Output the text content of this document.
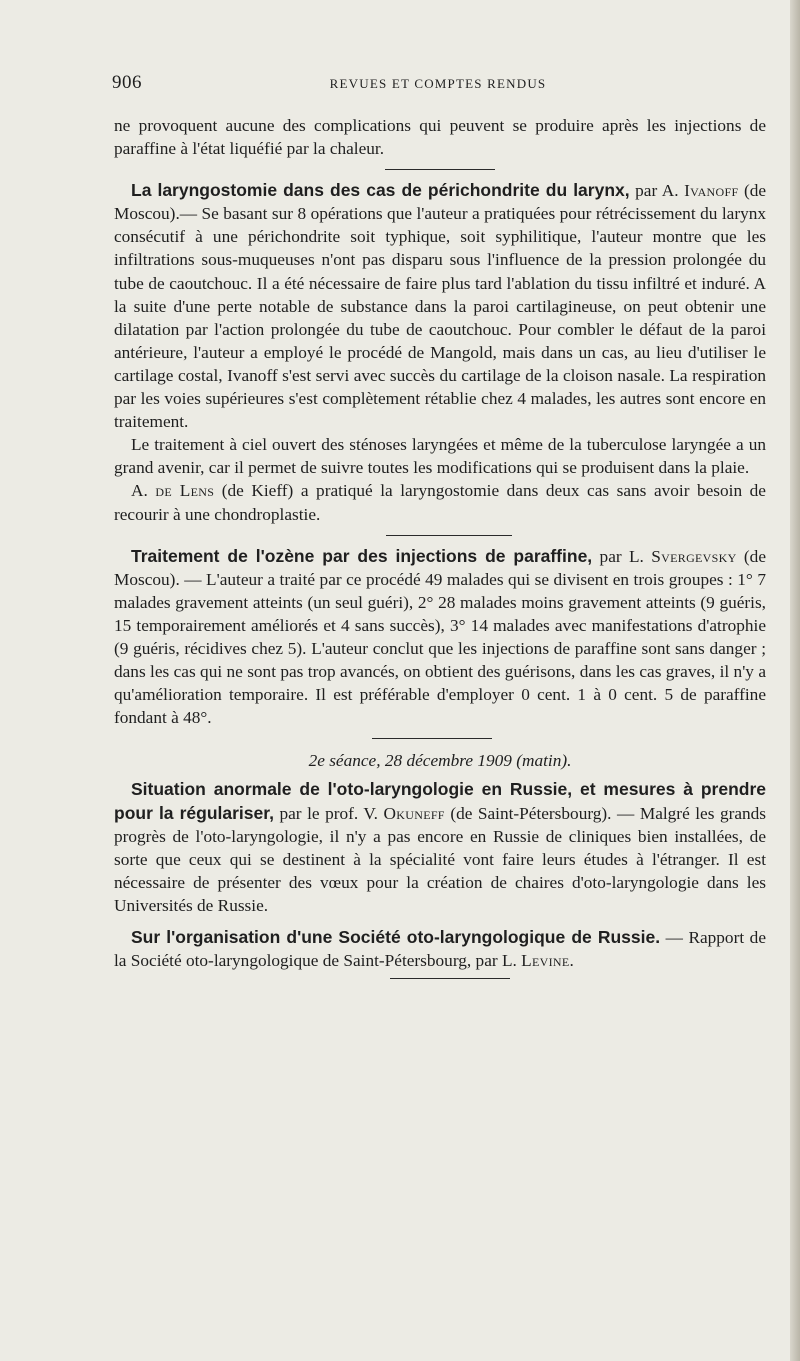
906	REVUES ET COMPTES RENDUS

ne provoquent aucune des complications qui peuvent se produire après les injections de paraffine à l'état liquéfié par la chaleur.

La laryngostomie dans des cas de périchondrite du larynx, par A. Ivanoff (de Moscou).— Se basant sur 8 opérations que l'auteur a pratiquées pour rétrécissement du larynx consécutif à une périchondrite soit typhique, soit syphilitique, l'auteur montre que les infiltrations sous-muqueuses n'ont pas disparu sous l'influence de la pression prolongée du tube de caoutchouc. Il a été nécessaire de faire plus tard l'ablation du tissu infiltré et induré. A la suite d'une perte notable de substance dans la paroi cartilagineuse, on peut obtenir une dilatation par l'action prolongée du tube de caoutchouc. Pour combler le défaut de la paroi antérieure, l'auteur a employé le procédé de Mangold, mais dans un cas, au lieu d'utiliser le cartilage costal, Ivanoff s'est servi avec succès du cartilage de la cloison nasale. La respiration par les voies supérieures s'est complètement rétablie chez 4 malades, les autres sont encore en traitement.

Le traitement à ciel ouvert des sténoses laryngées et même de la tuberculose laryngée a un grand avenir, car il permet de suivre toutes les modifications qui se produisent dans la plaie.

A. de Lens (de Kieff) a pratiqué la laryngostomie dans deux cas sans avoir besoin de recourir à une chondroplastie.

Traitement de l'ozène par des injections de paraffine, par L. Svergevsky (de Moscou). — L'auteur a traité par ce procédé 49 malades qui se divisent en trois groupes : 1° 7 malades gravement atteints (un seul guéri), 2° 28 malades moins gravement atteints (9 guéris, 15 temporairement améliorés et 4 sans succès), 3° 14 malades avec manifestations d'atrophie (9 guéris, récidives chez 5). L'auteur conclut que les injections de paraffine sont sans danger ; dans les cas qui ne sont pas trop avancés, on obtient des guérisons, dans les cas graves, il n'y a qu'amélioration temporaire. Il est préférable d'employer 0 cent. 1 à 0 cent. 5 de paraffine fondant à 48°.

2e séance, 28 décembre 1909 (matin).

Situation anormale de l'oto-laryngologie en Russie, et mesures à prendre pour la régulariser, par le prof. V. Okuneff (de Saint-Pétersbourg). — Malgré les grands progrès de l'oto-laryngologie, il n'y a pas encore en Russie de cliniques bien installées, de sorte que ceux qui se destinent à la spécialité vont faire leurs études à l'étranger. Il est nécessaire de présenter des vœux pour la création de chaires d'oto-laryngologie dans les Universités de Russie.

Sur l'organisation d'une Société oto-laryngologique de Russie. — Rapport de la Société oto-laryngologique de Saint-Pétersbourg, par L. Levine.
